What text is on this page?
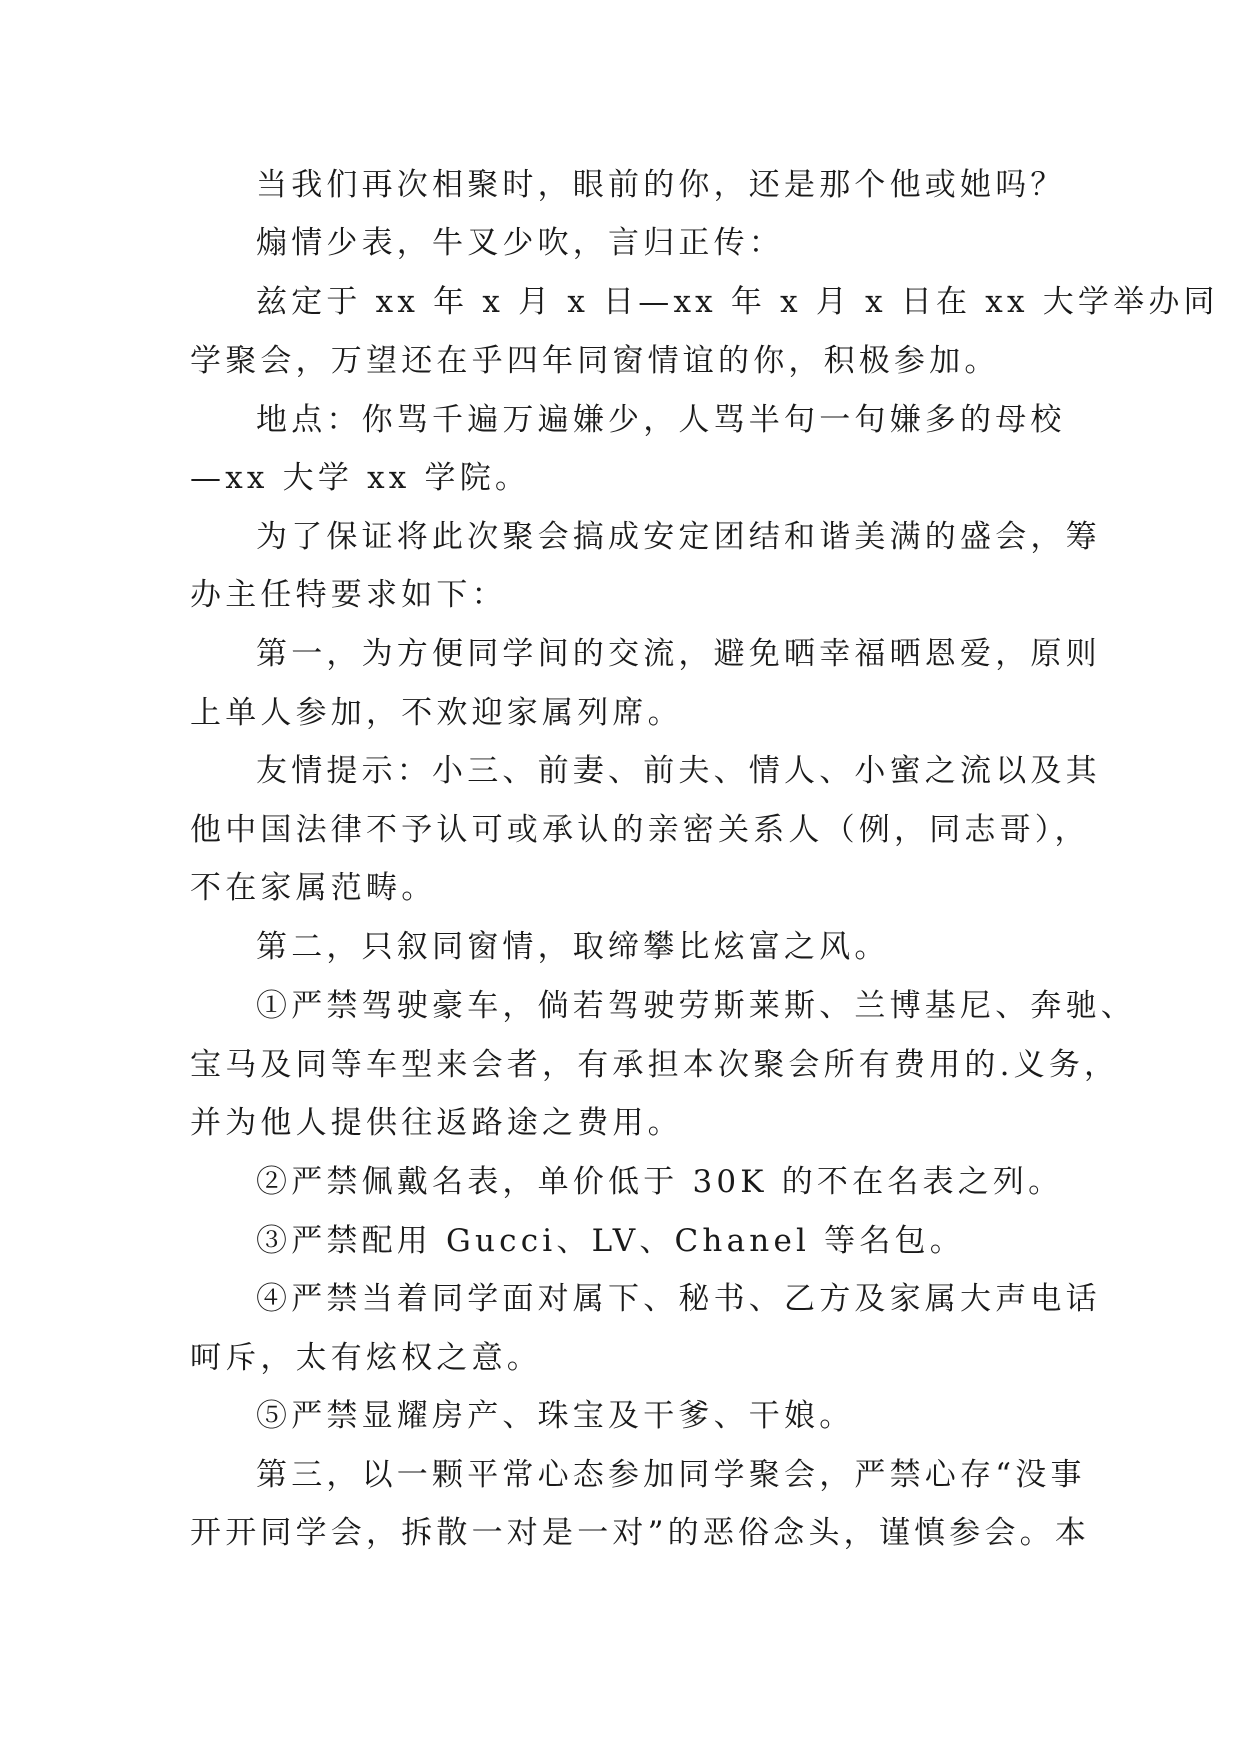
当我们再次相聚时，眼前的你，还是那个他或她吗？
煽情少表，牛叉少吹，言归正传：
兹定于 xx 年 x 月 x 日—xx 年 x 月 x 日在 xx 大学举办同
学聚会，万望还在乎四年同窗情谊的你，积极参加。
地点：你骂千遍万遍嫌少，人骂半句一句嫌多的母校
—xx 大学 xx 学院。
为了保证将此次聚会搞成安定团结和谐美满的盛会，筹
办主任特要求如下：
第一，为方便同学间的交流，避免晒幸福晒恩爱，原则
上单人参加，不欢迎家属列席。
友情提示：小三、前妻、前夫、情人、小蜜之流以及其
他中国法律不予认可或承认的亲密关系人（例，同志哥），
不在家属范畴。
第二，只叙同窗情，取缔攀比炫富之风。
①严禁驾驶豪车，倘若驾驶劳斯莱斯、兰博基尼、奔驰、
宝马及同等车型来会者，有承担本次聚会所有费用的.义务，
并为他人提供往返路途之费用。
②严禁佩戴名表，单价低于 30K 的不在名表之列。
③严禁配用 Gucci、LV、Chanel 等名包。
④严禁当着同学面对属下、秘书、乙方及家属大声电话
呵斥，太有炫权之意。
⑤严禁显耀房产、珠宝及干爹、干娘。
第三，以一颗平常心态参加同学聚会，严禁心存“没事
开开同学会，拆散一对是一对”的恶俗念头，谨慎参会。本
